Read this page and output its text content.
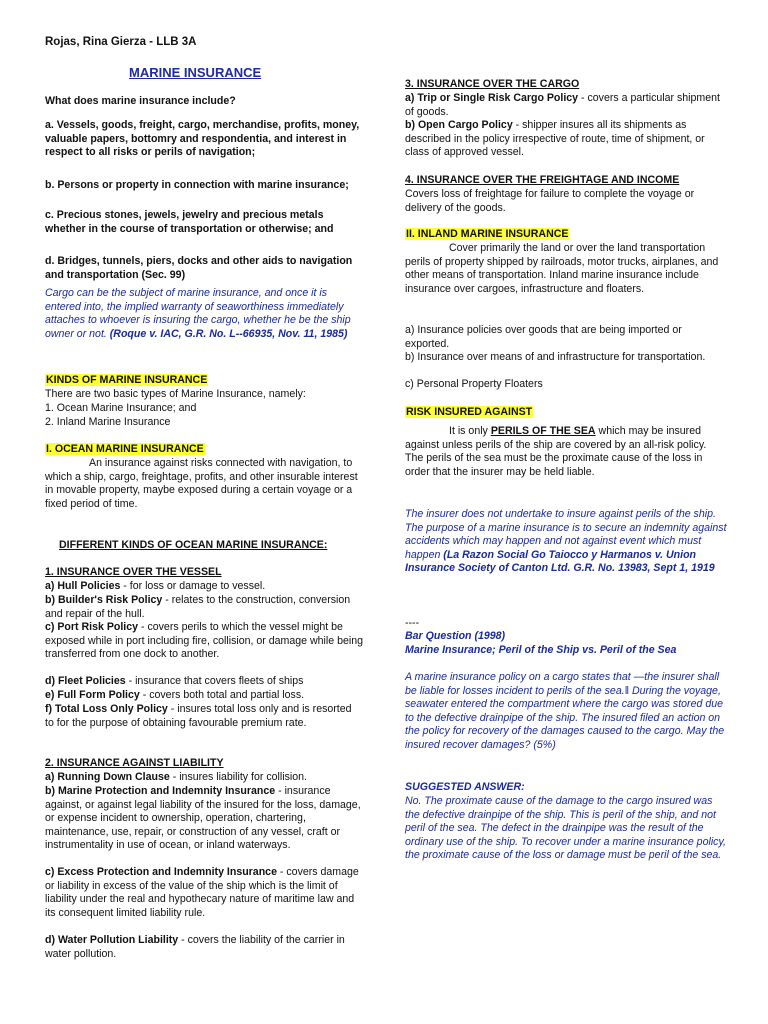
Rojas, Rina Gierza - LLB 3A
MARINE INSURANCE

What does marine insurance include?

a. Vessels, goods, freight, cargo, merchandise, profits, money, valuable papers, bottomry and respondentia, and interest in respect to all risks or perils of navigation;

b. Persons or property in connection with marine insurance;

c. Precious stones, jewels, jewelry and precious metals whether in the course of transportation or otherwise; and

d. Bridges, tunnels, piers, docks and other aids to navigation and transportation (Sec. 99)

Cargo can be the subject of marine insurance, and once it is entered into, the implied warranty of seaworthiness immediately attaches to whoever is insuring the cargo, whether he be the ship owner or not. (Roque v. IAC, G.R. No. L--66935, Nov. 11, 1985)

KINDS OF MARINE INSURANCE

There are two basic types of Marine Insurance, namely:

1. Ocean Marine Insurance; and

2. Inland Marine Insurance

I. OCEAN MARINE INSURANCE

An insurance against risks connected with navigation, to which a ship, cargo, freightage, profits, and other insurable interest in movable property, maybe exposed during a certain voyage or a fixed period of time.

DIFFERENT KINDS OF OCEAN MARINE INSURANCE:

1. INSURANCE OVER THE VESSEL

a) Hull Policies - for loss or damage to vessel.

b) Builder's Risk Policy - relates to the construction, conversion and repair of the hull.

c) Port Risk Policy - covers perils to which the vessel might be exposed while in port including fire, collision, or damage while being transferred from one dock to another.

d) Fleet Policies - insurance that covers fleets of ships

e) Full Form Policy - covers both total and partial loss.

f) Total Loss Only Policy - insures total loss only and is resorted to for the purpose of obtaining favourable premium rate.

2. INSURANCE AGAINST LIABILITY

a) Running Down Clause - insures liability for collision.

b) Marine Protection and Indemnity Insurance - insurance against, or against legal liability of the insured for the loss, damage, or expense incident to ownership, operation, chartering, maintenance, use, repair, or construction of any vessel, craft or instrumentality in use of ocean, or inland waterways.

c) Excess Protection and Indemnity Insurance - covers damage or liability in excess of the value of the ship which is the limit of liability under the real and hypothecary nature of maritime law and its consequent limited liability rule.

d) Water Pollution Liability - covers the liability of the carrier in water pollution.

3. INSURANCE OVER THE CARGO

a) Trip or Single Risk Cargo Policy - covers a particular shipment of goods.

b) Open Cargo Policy - shipper insures all its shipments as described in the policy irrespective of route, time of shipment, or class of approved vessel.

4. INSURANCE OVER THE FREIGHTAGE AND INCOME

Covers loss of freightage for failure to complete the voyage or delivery of the goods.

II. INLAND MARINE INSURANCE

Cover primarily the land or over the land transportation perils of property shipped by railroads, motor trucks, airplanes, and other means of transportation. Inland marine insurance include insurance over cargoes, infrastructure and floaters.

a) Insurance policies over goods that are being imported or exported.

b) Insurance over means of and infrastructure for transportation.

c) Personal Property Floaters

RISK INSURED AGAINST

It is only PERILS OF THE SEA which may be insured against unless perils of the ship are covered by an all-risk policy. The perils of the sea must be the proximate cause of the loss in order that the insurer may be held liable.

The insurer does not undertake to insure against perils of the ship. The purpose of a marine insurance is to secure an indemnity against accidents which may happen and not against event which must happen (La Razon Social Go Taiocco y Harmanos v. Union Insurance Society of Canton Ltd. G.R. No. 13983, Sept 1, 1919

----

Bar Question (1998)

Marine Insurance; Peril of the Ship vs. Peril of the Sea

A marine insurance policy on a cargo states that ―the insurer shall be liable for losses incident to perils of the sea.‖ During the voyage, seawater entered the compartment where the cargo was stored due to the defective drainpipe of the ship. The insured filed an action on the policy for recovery of the damages caused to the cargo. May the insured recover damages? (5%)

SUGGESTED ANSWER:

No. The proximate cause of the damage to the cargo insured was the defective drainpipe of the ship. This is peril of the ship, and not peril of the sea. The defect in the drainpipe was the result of the ordinary use of the ship. To recover under a marine insurance policy, the proximate cause of the loss or damage must be peril of the sea.
